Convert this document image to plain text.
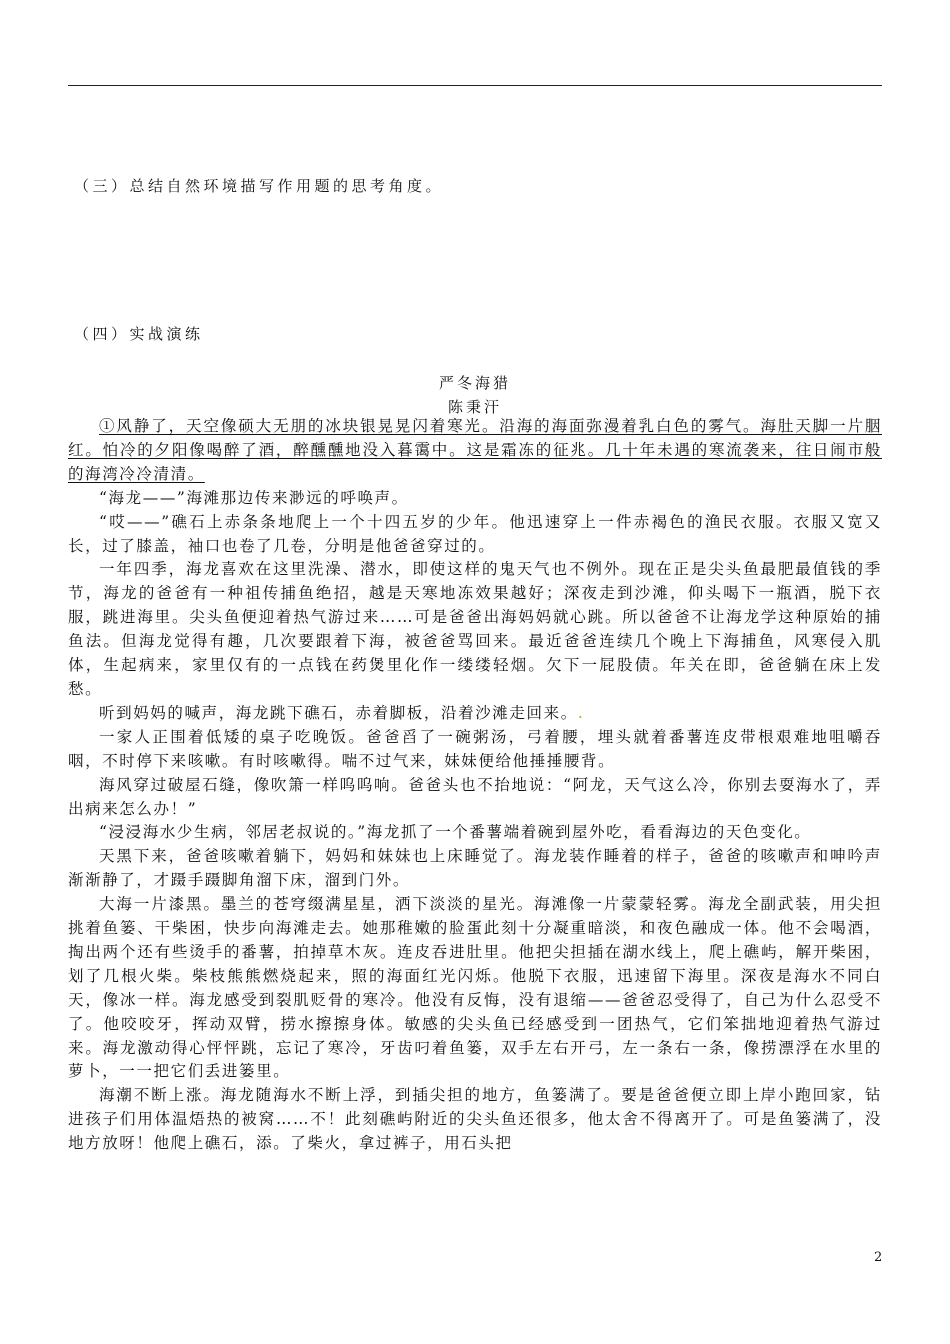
（三）总结自然环境描写作用题的思考角度。
（四）实战演练
严冬海猎
陈秉汗

①风静了，天空像硕大无朋的冰块银晃晃闪着寒光。沿海的海面弥漫着乳白色的雾气。海肚天脚一片胭红。怕冷的夕阳像喝醉了酒，醉醺醺地没入暮霭中。这是霜冻的征兆。几十年未遇的寒流袭来，往日闹市般的海湾冷冷清清。

“海龙——”海滩那边传来渺远的呼唤声。

“哎——”礁石上赤条条地爬上一个十四五岁的少年。他迅速穿上一件赤褐色的渔民衣服。衣服又宽又长，过了膝盖，袖口也卷了几卷，分明是他爸爸穿过的。

一年四季，海龙喜欢在这里洗澡、潜水，即使这样的鬼天气也不例外。现在正是尖头鱼最肥最值钱的季节，海龙的爸爸有一种祖传捕鱼绝招，越是天寒地冻效果越好；深夜走到沙滩，仰头喝下一瓶酒，脱下衣服，跳进海里。尖头鱼便迎着热气游过来……可是爸爸出海妈妈就心跳。所以爸爸不让海龙学这种原始的捕鱼法。但海龙觉得有趣，几次要跟着下海，被爸爸骂回来。最近爸爸连续几个晚上下海捕鱼，风寒侵入肌体，生起病来，家里仅有的一点钱在药煲里化作一缕缕轻烟。欠下一屁股债。年关在即，爸爸躺在床上发愁。

听到妈妈的喊声，海龙跳下礁石，赤着脚板，沿着沙滩走回来。.

一家人正围着低矮的桌子吃晚饭。爸爸舀了一碗粥汤，弓着腰，埋头就着番薯连皮带根艰难地咀嚼吞咽，不时停下来咳嗽。有时咳嗽得。喘不过气来，妹妹便给他捶捶腰背。

海风穿过破屋石缝，像吹箫一样呜呜响。爸爸头也不抬地说：“阿龙，天气这么冷，你别去耍海水了，弄出病来怎么办！”

“浸浸海水少生病，邻居老叔说的。”海龙抓了一个番薯端着碗到屋外吃，看看海边的天色变化。

天黑下来，爸爸咳嗽着躺下，妈妈和妹妹也上床睡觉了。海龙装作睡着的样子，爸爸的咳嗽声和呻吟声渐渐静了，才蹑手蹑脚角溜下床，溜到门外。

大海一片漆黑。墨兰的苍穹缀满星星，洒下淡淡的星光。海滩像一片蒙蒙轻雾。海龙全副武装，用尖担挑着鱼篓、干柴困，快步向海滩走去。她那稚嫩的脸蛋此刻十分凝重暗淡，和夜色融成一体。他不会喝酒，掏出两个还有些烫手的番薯，拍掉草木灰。连皮吞进肚里。他把尖担插在湖水线上，爬上礁屿，解开柴困，划了几根火柴。柴枝熊熊燃烧起来，照的海面红光闪烁。他脱下衣服，迅速留下海里。深夜是海水不同白天，像冰一样。海龙感受到裂肌贬骨的寒冷。他没有反悔，没有退缩——爸爸忍受得了，自己为什么忍受不了。他咬咬牙，挥动双臂，捞水擦擦身体。敏感的尖头鱼已经感受到一团热气，它们笨拙地迎着热气游过来。海龙激动得心怦怦跳，忘记了寒冷，牙齿叼着鱼篓，双手左右开弓，左一条右一条，像捞漂浮在水里的萝卜，一一把它们丢进篓里。

海潮不断上涨。海龙随海水不断上浮，到插尖担的地方，鱼篓满了。要是爸爸便立即上岸小跑回家，钻进孩子们用体温焐热的被窝……不！此刻礁屿附近的尖头鱼还很多，他太舍不得离开了。可是鱼篓满了，没地方放呀！他爬上礁石，添。了柴火，拿过裤子，用石头把

2
